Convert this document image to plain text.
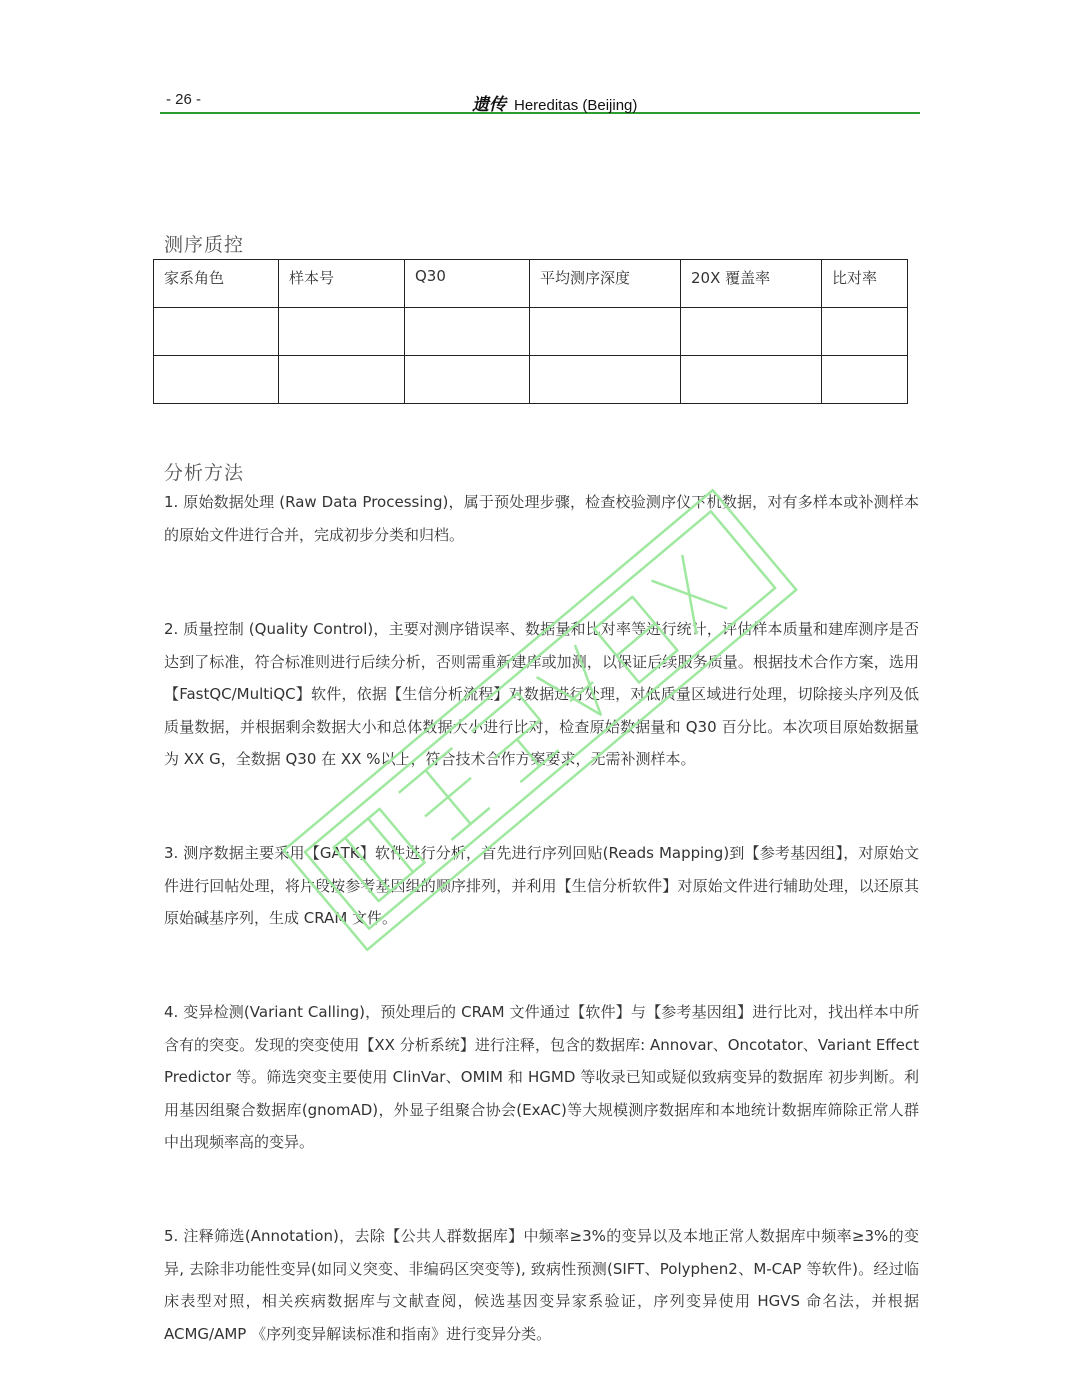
- 26 -	遗传 Hereditas (Beijing)
测序质控
家系角色	样本号	Q30	平均测序深度	20X 覆盖率	比对率

分析方法
1. 原始数据处理 (Raw Data Processing)，属于预处理步骤，检查校验测序仪下机数据，对有多样本或补测样本的原始文件进行合并，完成初步分类和归档。
2. 质量控制 (Quality Control)，主要对测序错误率、数据量和比对率等进行统计，评估样本质量和建库测序是否达到了标准，符合标准则进行后续分析，否则需重新建库或加测，以保证后续服务质量。根据技术合作方案，选用【FastQC/MultiQC】软件，依据【生信分析流程】对数据进行处理，对低质量区域进行处理，切除接头序列及低质量数据，并根据剩余数据大小和总体数据大小进行比对，检查原始数据量和 Q30 百分比。本次项目原始数据量为 XX G，全数据 Q30 在 XX %以上，符合技术合作方案要求，无需补测样本。
3. 测序数据主要采用【GATK】软件进行分析，首先进行序列回贴(Reads Mapping)到【参考基因组】，对原始文件进行回帖处理，将片段按参考基因组的顺序排列，并利用【生信分析软件】对原始文件进行辅助处理，以还原其原始碱基序列，生成 CRAM 文件。
4. 变异检测(Variant Calling)，预处理后的 CRAM 文件通过【软件】与【参考基因组】进行比对，找出样本中所含有的突变。发现的突变使用【XX 分析系统】进行注释，包含的数据库: Annovar、Oncotator、Variant Effect Predictor 等。筛选突变主要使用 ClinVar、OMIM 和 HGMD 等收录已知或疑似致病变异的数据库 初步判断。利用基因组聚合数据库(gnomAD)，外显子组聚合协会(ExAC)等大规模测序数据库和本地统计数据库筛除正常人群中出现频率高的变异。
5. 注释筛选(Annotation)，去除【公共人群数据库】中频率≥3%的变异以及本地正常人数据库中频率≥3%的变异, 去除非功能性变异(如同义突变、非编码区突变等), 致病性预测(SIFT、Polyphen2、M-CAP 等软件)。经过临床表型对照，相关疾病数据库与文献查阅，候选基因变异家系验证，序列变异使用 HGVS 命名法，并根据 ACMG/AMP 《序列变异解读标准和指南》进行变异分类。
